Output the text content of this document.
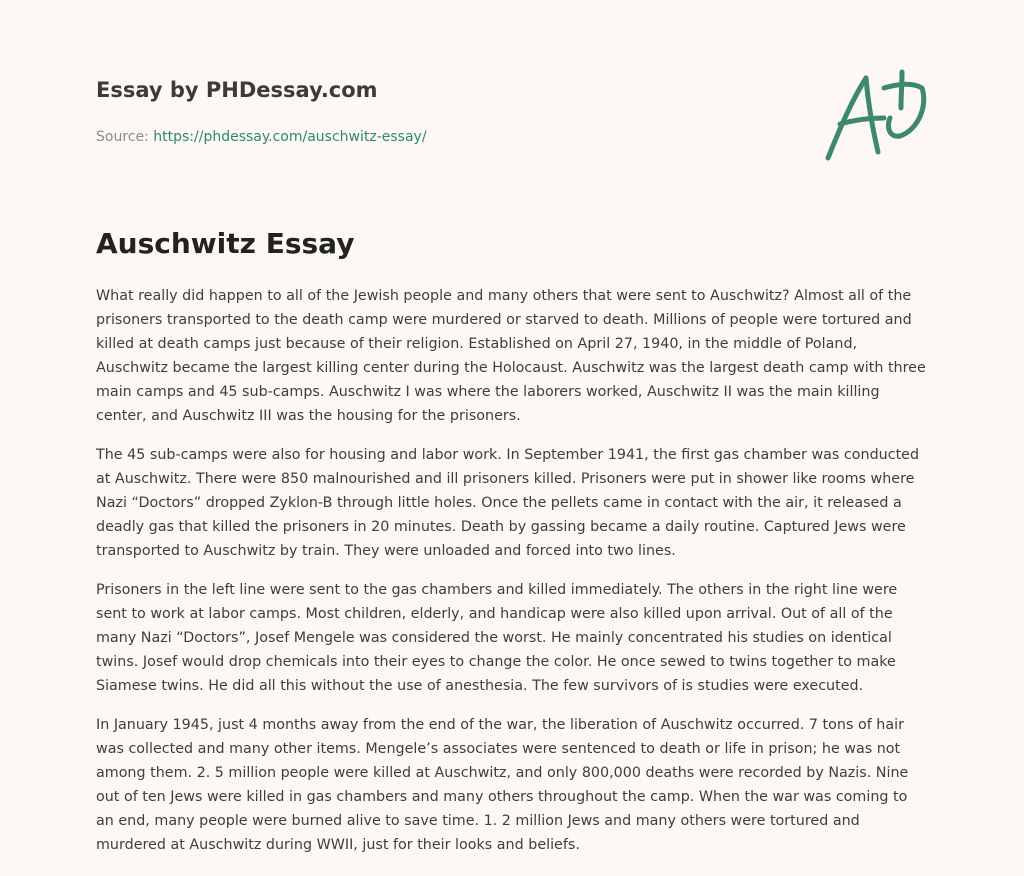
Essay by PHDessay.com
Source: https://phdessay.com/auschwitz-essay/
Auschwitz Essay

What really did happen to all of the Jewish people and many others that were sent to Auschwitz? Almost all of the prisoners transported to the death camp were murdered or starved to death. Millions of people were tortured and killed at death camps just because of their religion. Established on April 27, 1940, in the middle of Poland, Auschwitz became the largest killing center during the Holocaust. Auschwitz was the largest death camp with three main camps and 45 sub-camps. Auschwitz I was where the laborers worked, Auschwitz II was the main killing center, and Auschwitz III was the housing for the prisoners.

The 45 sub-camps were also for housing and labor work. In September 1941, the first gas chamber was conducted at Auschwitz. There were 850 malnourished and ill prisoners killed. Prisoners were put in shower like rooms where Nazi “Doctors” dropped Zyklon-B through little holes. Once the pellets came in contact with the air, it released a deadly gas that killed the prisoners in 20 minutes. Death by gassing became a daily routine. Captured Jews were transported to Auschwitz by train. They were unloaded and forced into two lines.

Prisoners in the left line were sent to the gas chambers and killed immediately. The others in the right line were sent to work at labor camps. Most children, elderly, and handicap were also killed upon arrival. Out of all of the many Nazi “Doctors”, Josef Mengele was considered the worst. He mainly concentrated his studies on identical twins. Josef would drop chemicals into their eyes to change the color. He once sewed to twins together to make Siamese twins. He did all this without the use of anesthesia. The few survivors of is studies were executed.

In January 1945, just 4 months away from the end of the war, the liberation of Auschwitz occurred. 7 tons of hair was collected and many other items. Mengele’s associates were sentenced to death or life in prison; he was not among them. 2. 5 million people were killed at Auschwitz, and only 800,000 deaths were recorded by Nazis. Nine out of ten Jews were killed in gas chambers and many others throughout the camp. When the war was coming to an end, many people were burned alive to save time. 1. 2 million Jews and many others were tortured and murdered at Auschwitz during WWII, just for their looks and beliefs.
